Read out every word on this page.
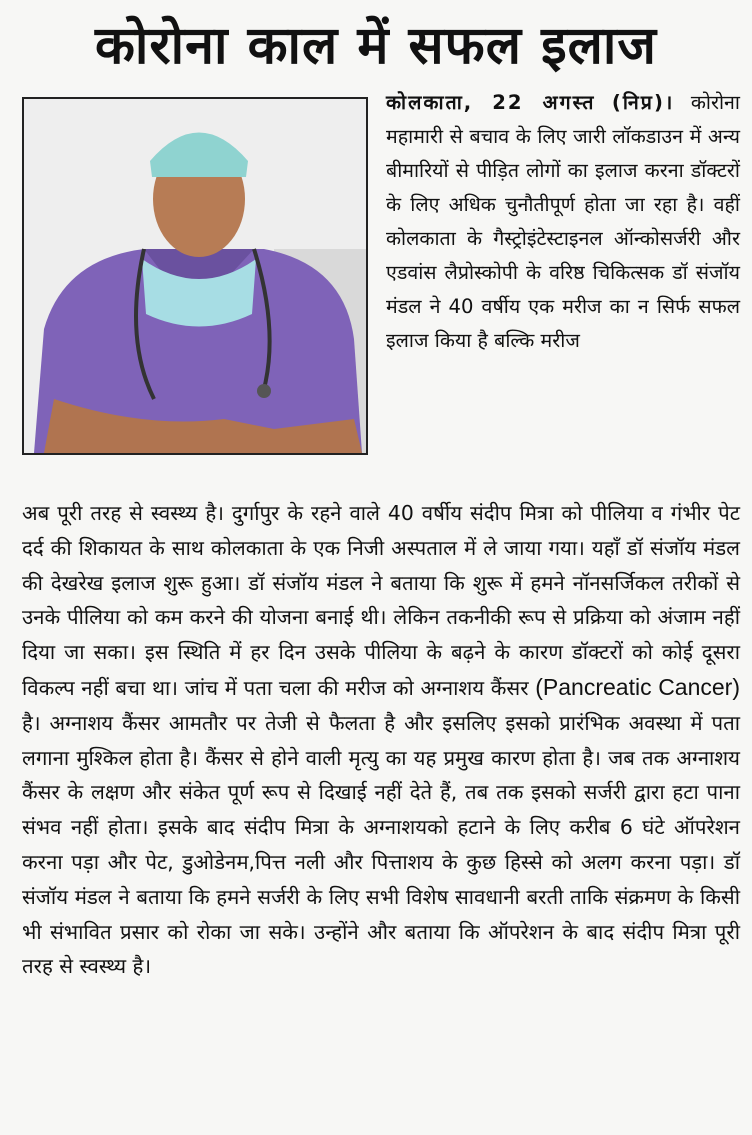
कोरोना काल में सफल इलाज
कोलकाता, 22 अगस्त (निप्र)। कोरोना महामारी से बचाव के लिए जारी लॉकडाउन में अन्य बीमारियों से पीड़ित लोगों का इलाज करना डॉक्टरों के लिए अधिक चुनौतीपूर्ण होता जा रहा है। वहीं कोलकाता के गैस्ट्रोइंटेस्टाइनल ऑन्कोसर्जरी और एडवांस लैप्रोस्कोपी के वरिष्ठ चिकित्सक डॉ संजॉय मंडल ने 40 वर्षीय एक मरीज का न सिर्फ सफल इलाज किया है बल्कि मरीज
अब पूरी तरह से स्वस्थ्य है। दुर्गापुर के रहने वाले 40 वर्षीय संदीप मित्रा को पीलिया व गंभीर पेट दर्द की शिकायत के साथ कोलकाता के एक निजी अस्पताल में ले जाया गया। यहाँ डॉ संजॉय मंडल की देखरेख इलाज शुरू हुआ। डॉ संजॉय मंडल ने बताया कि शुरू में हमने नॉनसर्जिकल तरीकों से उनके पीलिया को कम करने की योजना बनाई थी। लेकिन तकनीकी रूप से प्रक्रिया को अंजाम नहीं दिया जा सका। इस स्थिति में हर दिन उसके पीलिया के बढ़ने के कारण डॉक्टरों को कोई दूसरा विकल्प नहीं बचा था। जांच में पता चला की मरीज को अग्नाशय कैंसर (Pancreatic Cancer) है। अग्नाशय कैंसर आमतौर पर तेजी से फैलता है और इसलिए इसको प्रारंभिक अवस्था में पता लगाना मुश्किल होता है। कैंसर से होने वाली मृत्यु का यह प्रमुख कारण होता है। जब तक अग्नाशय कैंसर के लक्षण और संकेत पूर्ण रूप से दिखाई नहीं देते हैं, तब तक इसको सर्जरी द्वारा हटा पाना संभव नहीं होता। इसके बाद संदीप मित्रा के अग्नाशयको हटाने के लिए करीब 6 घंटे ऑपरेशन करना पड़ा और पेट, डुओडेनम,पित्त नली और पित्ताशय के कुछ हिस्से को अलग करना पड़ा। डॉ संजॉय मंडल ने बताया कि हमने सर्जरी के लिए सभी विशेष सावधानी बरती ताकि संक्रमण के किसी भी संभावित प्रसार को रोका जा सके। उन्होंने और बताया कि ऑपरेशन के बाद संदीप मित्रा पूरी तरह से स्वस्थ्य है।
